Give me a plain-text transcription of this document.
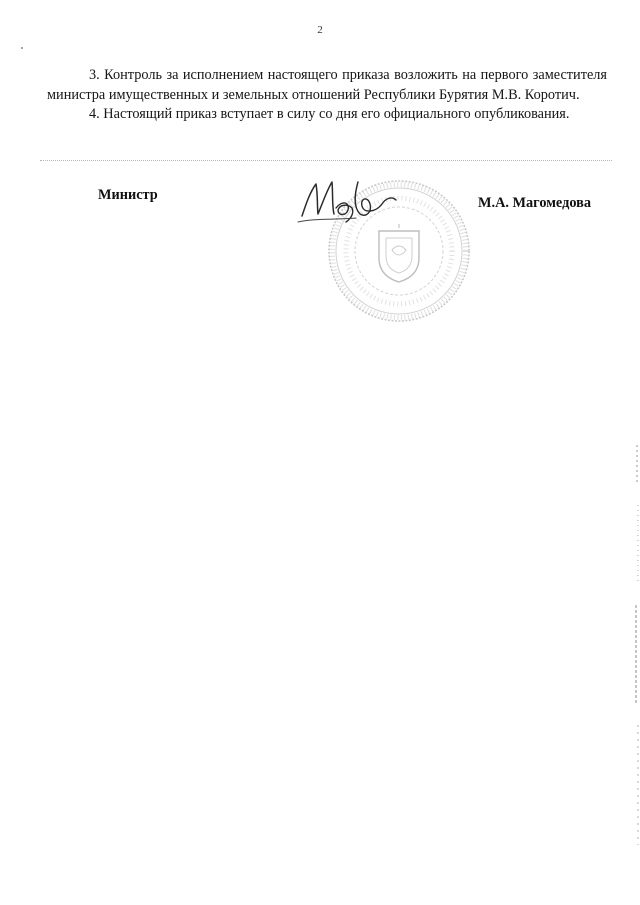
2

3. Контроль за исполнением настоящего приказа возложить на первого заместителя министра имущественных и земельных отношений Республики Бурятия М.В. Коротич.

4. Настоящий приказ вступает в силу со дня его официального опубликования.

Министр	М.А. Магомедова
